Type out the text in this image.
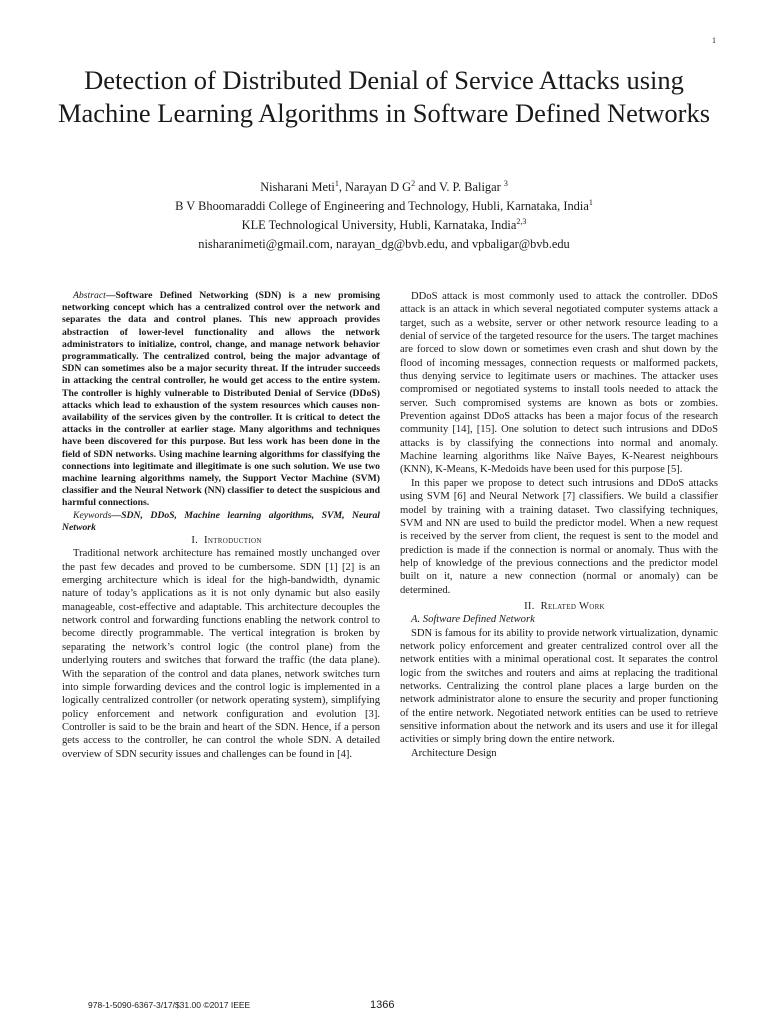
1
Detection of Distributed Denial of Service Attacks using Machine Learning Algorithms in Software Defined Networks
Nisharani Meti$^1$, Narayan D $G^2$ and V. P. Baligar $^3$
B V Bhoomaraddi College of Engineering and Technology, Hubli, Karnataka, India$^1$
KLE Technological University, Hubli, Karnataka, India$^{2,3}$
nisharanimeti@gmail.com, narayan_dg@bvb.edu, and vpbaligar@bvb.edu

Abstract—Software Defined Networking (SDN) is a new promising networking concept which has a centralized control over the network and separates the data and control planes. This new approach provides abstraction of lower-level functionality and allows the network administrators to initialize, control, change, and manage network behavior programmatically. The centralized control, being the major advantage of SDN can sometimes also be a major security threat. If the intruder succeeds in attacking the central controller, he would get access to the entire system. The controller is highly vulnerable to Distributed Denial of Service (DDoS) attacks which lead to exhaustion of the system resources which causes non-availability of the services given by the controller. It is critical to detect the attacks in the controller at earlier stage. Many algorithms and techniques have been discovered for this purpose. But less work has been done in the field of SDN networks. Using machine learning algorithms for classifying the connections into legitimate and illegitimate is one such solution. We use two machine learning algorithms namely, the Support Vector Machine (SVM) classifier and the Neural Network (NN) classifier to detect the suspicious and harmful connections.

Keywords—SDN, DDoS, Machine learning algorithms, SVM, Neural Network

I. Introduction

Traditional network architecture has remained mostly unchanged over the past few decades and proved to be cumbersome. SDN [1] [2] is an emerging architecture which is ideal for the high-bandwidth, dynamic nature of today’s applications as it is not only dynamic but also easily manageable, cost-effective and adaptable. This architecture decouples the network control and forwarding functions enabling the network control to become directly programmable. The vertical integration is broken by separating the network’s control logic (the control plane) from the underlying routers and switches that forward the traffic (the data plane). With the separation of the control and data planes, network switches turn into simple forwarding devices and the control logic is implemented in a logically centralized controller (or network operating system), simplifying policy enforcement and network configuration and evolution [3]. Controller is said to be the brain and heart of the SDN. Hence, if a person gets access to the controller, he can control the whole SDN. A detailed overview of SDN security issues and challenges can be found in [4].

DDoS attack is most commonly used to attack the controller. DDoS attack is an attack in which several negotiated computer systems attack a target, such as a website, server or other network resource leading to a denial of service of the targeted resource for the users. The target machines are forced to slow down or sometimes even crash and shut down by the flood of incoming messages, connection requests or malformed packets, thus denying service to legitimate users or machines. The attacker uses compromised or negotiated systems to install tools needed to attack the server. Such compromised systems are known as bots or zombies. Prevention against DDoS attacks has been a major focus of the research community [14], [15]. One solution to detect such intrusions and DDoS attacks is by classifying the connections into normal and anomaly. Machine learning algorithms like Naïve Bayes, K-Nearest neighbours (KNN), K-Means, K-Medoids have been used for this purpose [5].

In this paper we propose to detect such intrusions and DDoS attacks using SVM [6] and Neural Network [7] classifiers. We build a classifier model by training with a training dataset. Two classifying techniques, SVM and NN are used to build the predictor model. When a new request is received by the server from client, the request is sent to the model and prediction is made if the connection is normal or anomaly. Thus with the help of knowledge of the previous connections and the predictor model built on it, nature a new connection (normal or anomaly) can be determined.

II. Related Work

A. Software Defined Network

SDN is famous for its ability to provide network virtualization, dynamic network policy enforcement and greater centralized control over all the network entities with a minimal operational cost. It separates the control logic from the switches and routers and aims at replacing the traditional networks. Centralizing the control plane places a large burden on the network administrator alone to ensure the security and proper functioning of the entire network. Negotiated network entities can be used to retrieve sensitive information about the network and its users and use it for illegal activities or simply bring down the entire network.

Architecture Design

978-1-5090-6367-3/17/$31.00 ©2017 IEEE	1366
